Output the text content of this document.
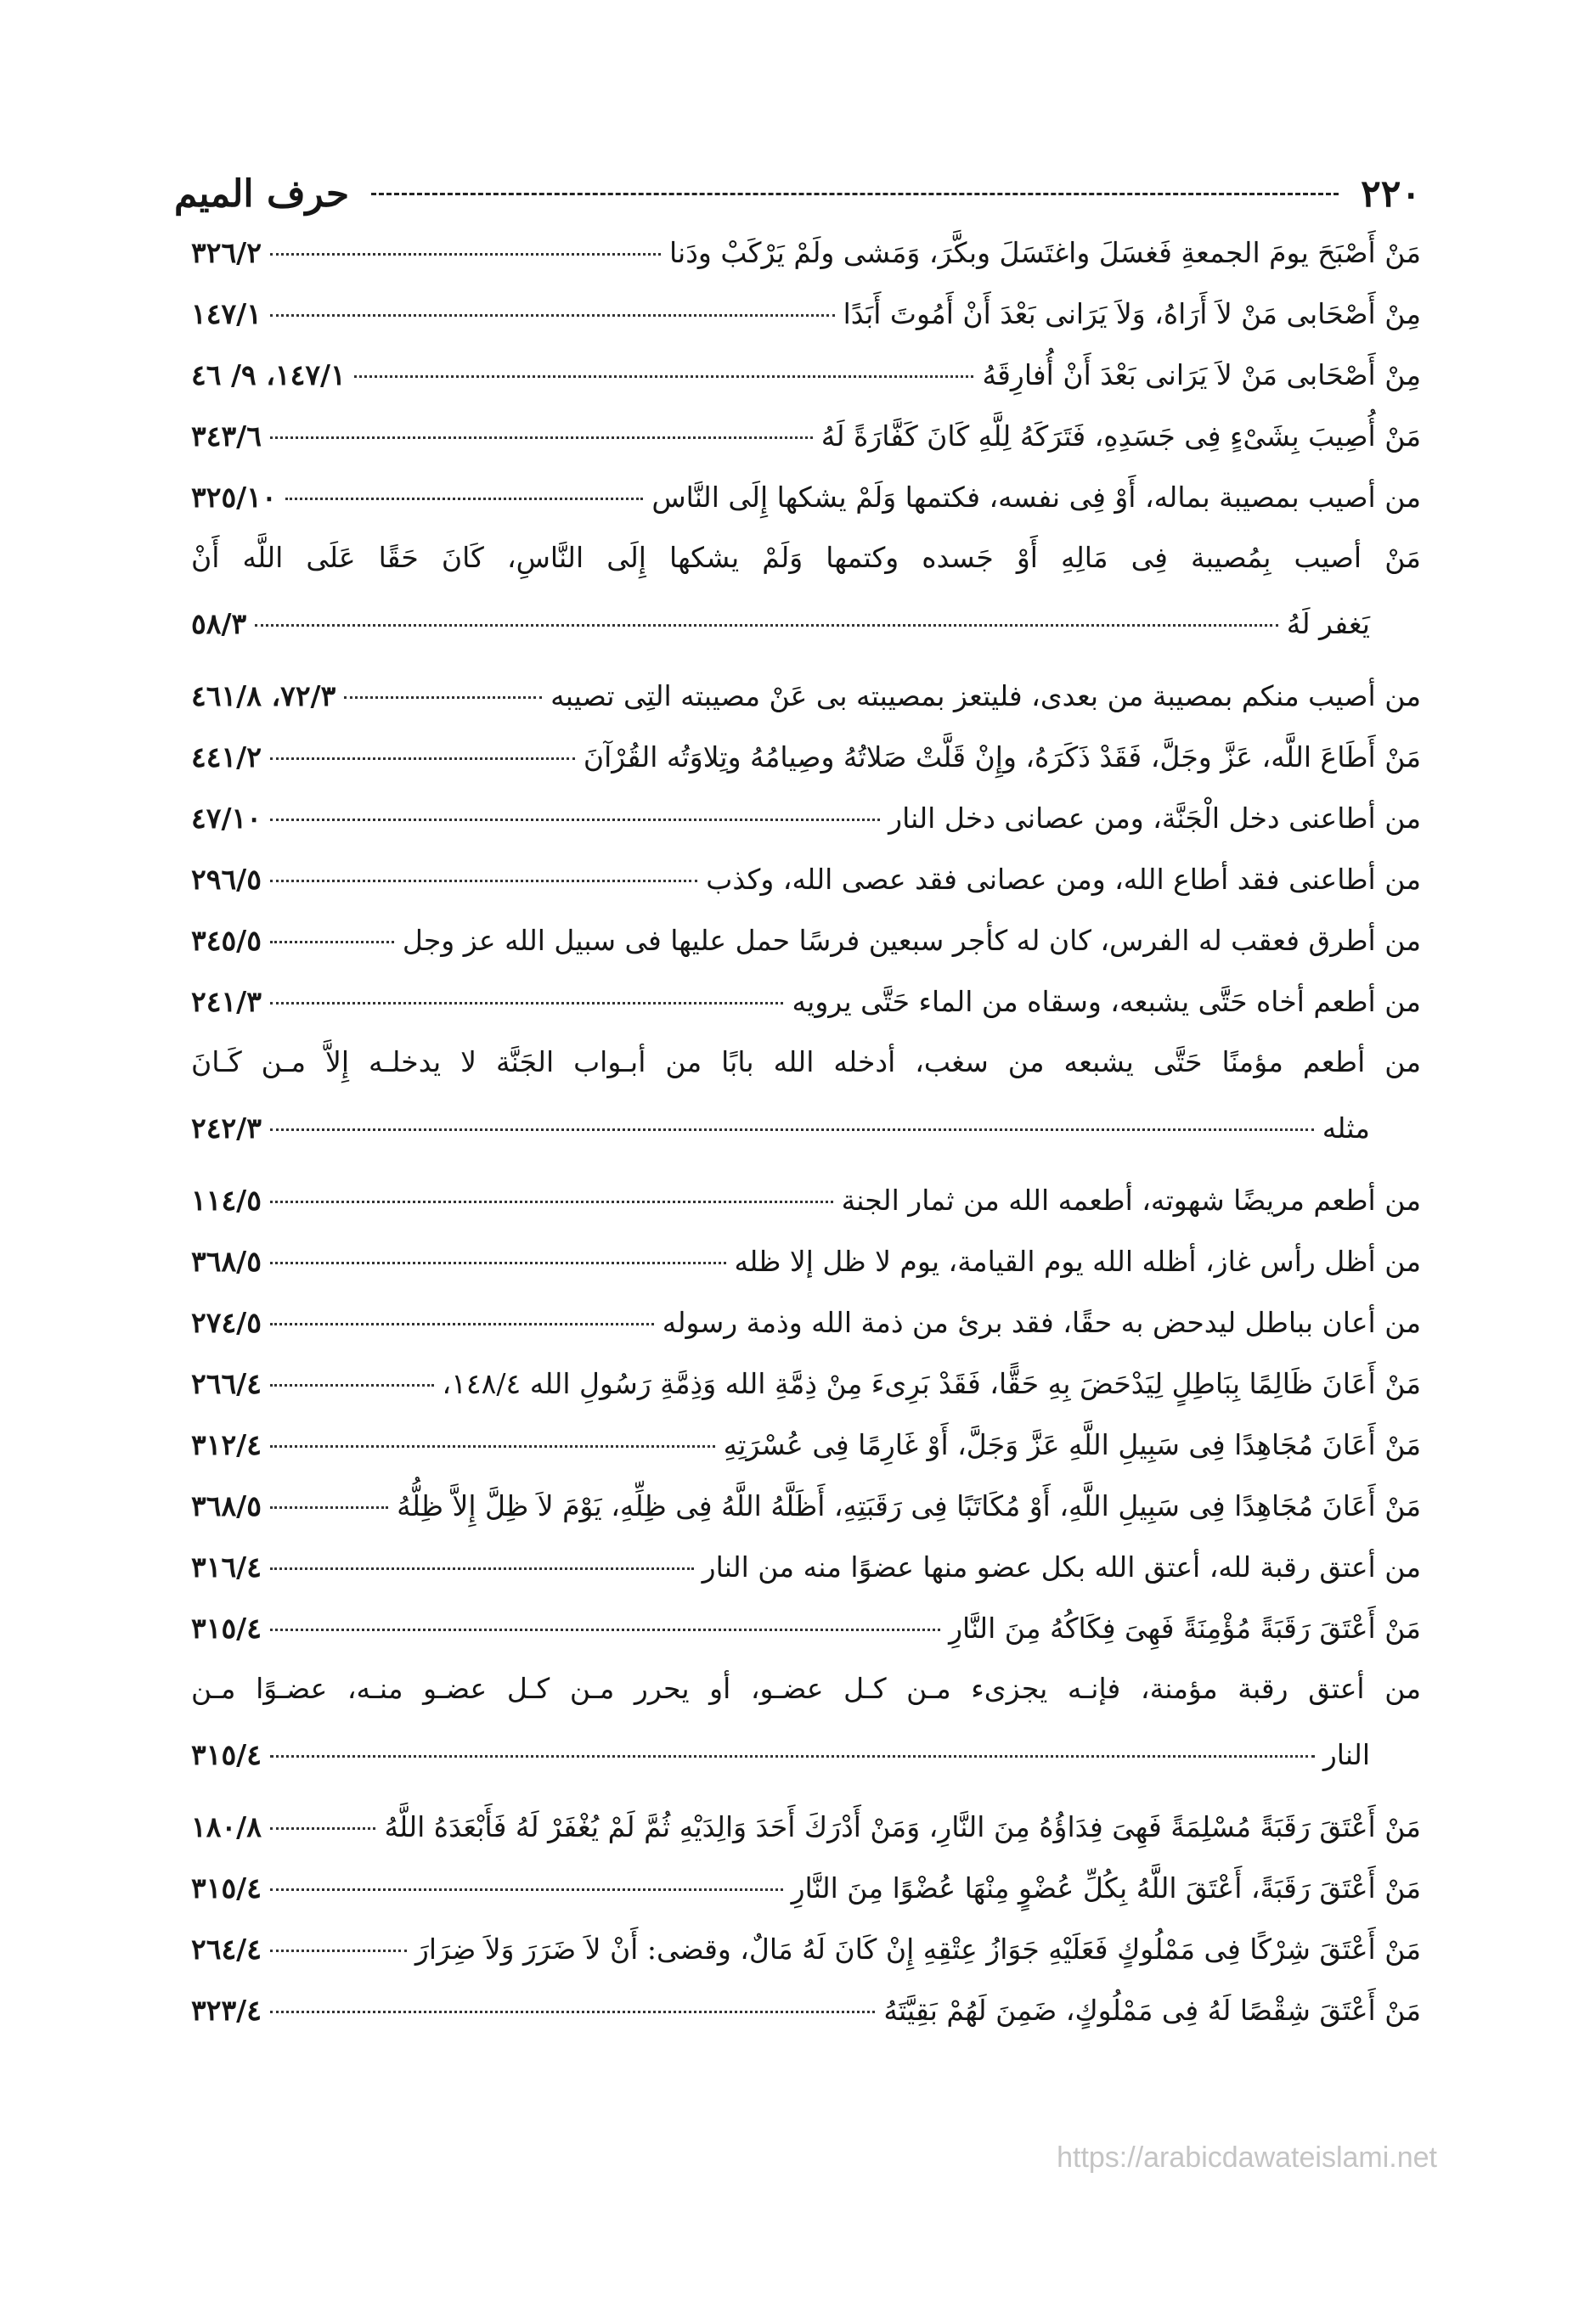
٢٢٠
حرف الميم
مَنْ أَصْبَحَ يومَ الجمعةِ فَغسَلَ واغتَسَلَ وبكَّرَ، وَمَشى ولَمْ يَرْكَبْ ودَنا
٣٢٦/٢
مِنْ أَصْحَابى مَنْ لاَ أَرَاهُ، وَلاَ يَرَانى بَعْدَ أَنْ أَمُوتَ أَبَدًا
١٤٧/١
مِنْ أَصْحَابى مَنْ لاَ يَرَانى بَعْدَ أَنْ أُفارِقَهُ
١٤٧/١، ٩/ ٤٦
مَنْ أُصِيبَ بِشَىْءٍ فِى جَسَدِهِ، فَتَرَكَهُ لِلَّهِ كَانَ كَفَّارَةً لَهُ
٣٤٣/٦
من أصيب بمصيبة بماله، أَوْ فِى نفسه، فكتمها وَلَمْ يشكها إِلَى النَّاس
٣٢٥/١٠
مَنْ أصيب بِمُصيبة فِى مَالِهِ أَوْ جَسده وكتمها وَلَمْ يشكها إِلَى النَّاسِ، كَانَ حَقًا عَلَى اللَّه أَنْ
يَغفر لَهُ
٥٨/٣
من أصيب منكم بمصيبة من بعدى، فليتعز بمصيبته بى عَنْ مصيبته التِى تصيبه
٧٢/٣، ٤٦١/٨
مَنْ أَطَاعَ اللَّه، عَزَّ وجَلَّ، فَقَدْ ذَكَرَهُ، وإِنْ قَلَّتْ صَلاتُهُ وصِيامُهُ وتِلاوَتُه القُرْآنَ
٤٤١/٢
من أطاعنى دخل الْجَنَّة، ومن عصانى دخل النار
٤٧/١٠
من أطاعنى فقد أطاع الله، ومن عصانى فقد عصى الله، وكذب
٢٩٦/٥
من أطرق فعقب له الفرس، كان له كأجر سبعين فرسًا حمل عليها فى سبيل الله عز وجل
٣٤٥/٥
من أطعم أخاه حَتَّى يشبعه، وسقاه من الماء حَتَّى يرويه
٢٤١/٣
من أطعم مؤمنًا حَتَّى يشبعه من سغب، أدخله الله بابًا من أبـواب الجَنَّة لا يدخلـه إِلاَّ مـن كَـانَ
مثله
٢٤٢/٣
من أطعم مريضًا شهوته، أطعمه الله من ثمار الجنة
١١٤/٥
من أظل رأس غاز، أظله الله يوم القيامة، يوم لا ظل إلا ظله
٣٦٨/٥
من أعان بباطل ليدحض به حقًا، فقد برئ من ذمة الله وذمة رسوله
٢٧٤/٥
مَنْ أَعَانَ ظَالِمًا بِبَاطِلٍ لِيَدْحَضَ بِهِ حَقًّا، فَقَدْ بَرِىءَ مِنْ ذِمَّةِ الله وَذِمَّةِ رَسُولِ الله ١٤٨/٤،
٢٦٦/٤
مَنْ أَعَانَ مُجَاهِدًا فِى سَبِيلِ اللَّهِ عَزَّ وَجَلَّ، أَوْ غَارِمًا فِى عُسْرَتِهِ
٣١٢/٤
مَنْ أَعَانَ مُجَاهِدًا فِى سَبِيلِ اللَّهِ، أَوْ مُكَاتَبًا فِى رَقَبَتِهِ، أَظَلَّهُ اللَّهُ فِى ظِلِّهِ، يَوْمَ لاَ ظِلَّ إِلاَّ ظِلُّهُ
٣٦٨/٥
من أعتق رقبة لله، أعتق الله بكل عضو منها عضوًا منه من النار
٣١٦/٤
مَنْ أَعْتَقَ رَقَبَةً مُؤْمِنَةً فَهِىَ فِكَاكُهُ مِنَ النَّارِ
٣١٥/٤
من أعتق رقبة مؤمنة، فإنـه يجزىء مـن كـل عضـو، أو يحرر مـن كـل عضـو منـه، عضـوًا مـن
النار
٣١٥/٤
مَنْ أَعْتَقَ رَقَبَةً مُسْلِمَةً فَهِىَ فِدَاؤُهُ مِنَ النَّارِ، وَمَنْ أَدْرَكَ أَحَدَ وَالِدَيْهِ ثُمَّ لَمْ يُغْفَرْ لَهُ فَأَبْعَدَهُ اللَّهُ
١٨٠/٨
مَنْ أَعْتَقَ رَقَبَةً، أَعْتَقَ اللَّهُ بِكُلِّ عُضْوٍ مِنْهَا عُضْوًا مِنَ النَّارِ
٣١٥/٤
مَنْ أَعْتَقَ شِرْكًا فِى مَمْلُوكٍ فَعَلَيْهِ جَوَازُ عِتْقِهِ إِنْ كَانَ لَهُ مَالٌ، وقضى: أَنْ لاَ ضَرَرَ وَلاَ ضِرَارَ
٢٦٤/٤
مَنْ أَعْتَقَ شِقْصًا لَهُ فِى مَمْلُوكٍ، ضَمِنَ لَهُمْ بَقِيَّتَهُ
٣٢٣/٤
https://arabicdawateislami.net
